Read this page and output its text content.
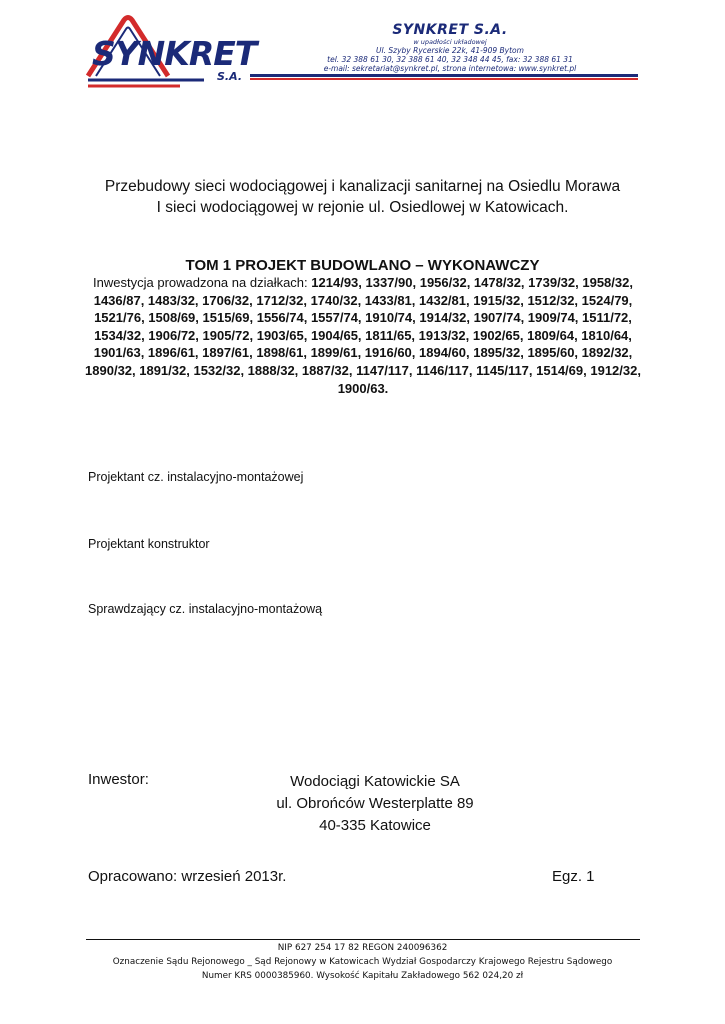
SYNKRET
S.A.
SYNKRET S.A.
w upadłości układowej
Ul. Szyby Rycerskie 22k, 41-909 Bytom
tel. 32 388 61 30, 32 388 61 40, 32 348 44 45, fax: 32 388 61 31
e-mail: sekretariat@synkret.pl, strona internetowa: www.synkret.pl
Przebudowy sieci wodociągowej i kanalizacji sanitarnej na Osiedlu Morawa
I sieci wodociągowej w rejonie ul. Osiedlowej w Katowicach.
TOM 1 PROJEKT BUDOWLANO – WYKONAWCZY
Inwestycja prowadzona na działkach: 1214/93, 1337/90, 1956/32, 1478/32, 1739/32, 1958/32, 1436/87, 1483/32, 1706/32, 1712/32, 1740/32, 1433/81, 1432/81, 1915/32, 1512/32, 1524/79, 1521/76, 1508/69, 1515/69, 1556/74, 1557/74, 1910/74, 1914/32, 1907/74, 1909/74, 1511/72, 1534/32, 1906/72, 1905/72, 1903/65, 1904/65, 1811/65, 1913/32, 1902/65, 1809/64, 1810/64, 1901/63, 1896/61, 1897/61, 1898/61, 1899/61, 1916/60, 1894/60, 1895/32, 1895/60, 1892/32, 1890/32, 1891/32, 1532/32, 1888/32, 1887/32, 1147/117, 1146/117, 1145/117, 1514/69, 1912/32, 1900/63.
Projektant cz. instalacyjno-montażowej
Projektant konstruktor
Sprawdzający cz. instalacyjno-montażową
Inwestor:	Wodociągi Katowickie SA
ul. Obrońców Westerplatte 89
40-335 Katowice
Opracowano: wrzesień 2013r.	Egz. 1
NIP 627 254 17 82 REGON 240096362
Oznaczenie Sądu Rejonowego _ Sąd Rejonowy w Katowicach Wydział Gospodarczy Krajowego Rejestru Sądowego
Numer KRS 0000385960. Wysokość Kapitału Zakładowego 562 024,20 zł
